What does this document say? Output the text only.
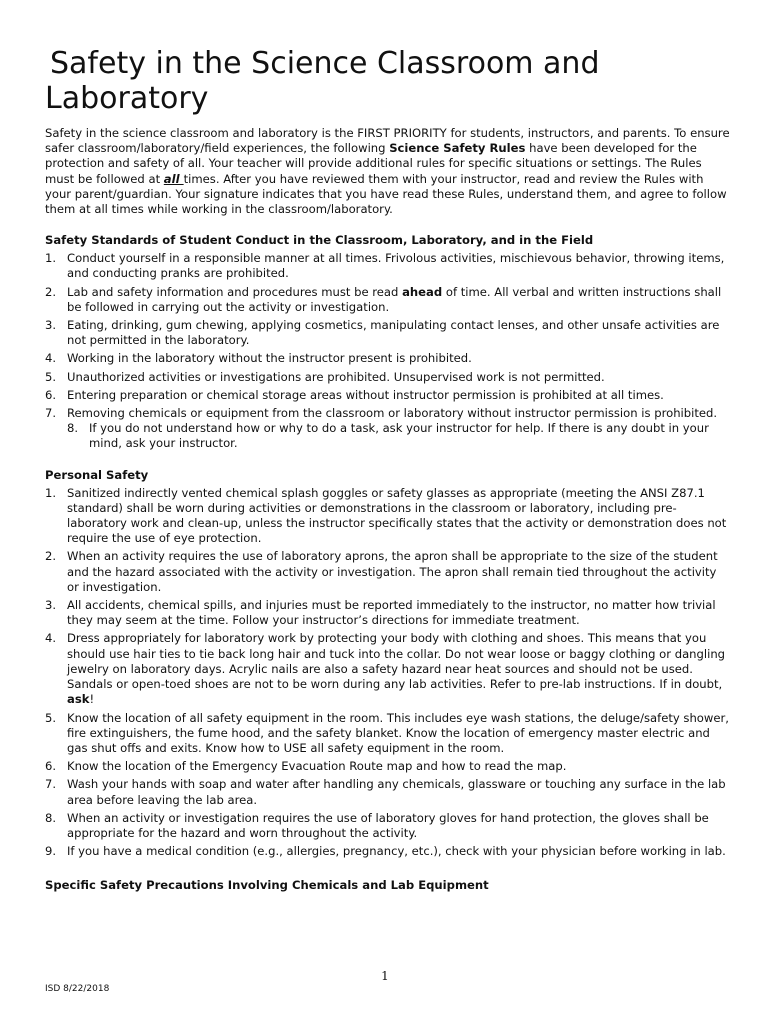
Safety in the Science Classroom and
Laboratory

Safety in the science classroom and laboratory is the FIRST PRIORITY for students, instructors, and parents. To ensure safer classroom/laboratory/field experiences, the following Science Safety Rules have been developed for the protection and safety of all. Your teacher will provide additional rules for specific situations or settings. The Rules must be followed at all times. After you have reviewed them with your instructor, read and review the Rules with your parent/guardian. Your signature indicates that you have read these Rules, understand them, and agree to follow them at all times while working in the classroom/laboratory.

Safety Standards of Student Conduct in the Classroom, Laboratory, and in the Field
1. Conduct yourself in a responsible manner at all times. Frivolous activities, mischievous behavior, throwing items, and conducting pranks are prohibited.
2. Lab and safety information and procedures must be read ahead of time. All verbal and written instructions shall be followed in carrying out the activity or investigation.
3. Eating, drinking, gum chewing, applying cosmetics, manipulating contact lenses, and other unsafe activities are not permitted in the laboratory.
4. Working in the laboratory without the instructor present is prohibited.
5. Unauthorized activities or investigations are prohibited. Unsupervised work is not permitted.
6. Entering preparation or chemical storage areas without instructor permission is prohibited at all times.
7. Removing chemicals or equipment from the classroom or laboratory without instructor permission is prohibited.
8. If you do not understand how or why to do a task, ask your instructor for help. If there is any doubt in your mind, ask your instructor.
Personal Safety
1. Sanitized indirectly vented chemical splash goggles or safety glasses as appropriate (meeting the ANSI Z87.1 standard) shall be worn during activities or demonstrations in the classroom or laboratory, including pre-laboratory work and clean-up, unless the instructor specifically states that the activity or demonstration does not require the use of eye protection.
2. When an activity requires the use of laboratory aprons, the apron shall be appropriate to the size of the student and the hazard associated with the activity or investigation. The apron shall remain tied throughout the activity or investigation.
3. All accidents, chemical spills, and injuries must be reported immediately to the instructor, no matter how trivial they may seem at the time. Follow your instructor’s directions for immediate treatment.
4. Dress appropriately for laboratory work by protecting your body with clothing and shoes. This means that you should use hair ties to tie back long hair and tuck into the collar. Do not wear loose or baggy clothing or dangling jewelry on laboratory days. Acrylic nails are also a safety hazard near heat sources and should not be used. Sandals or open-toed shoes are not to be worn during any lab activities. Refer to pre-lab instructions. If in doubt, ask!
5. Know the location of all safety equipment in the room. This includes eye wash stations, the deluge/safety shower, fire extinguishers, the fume hood, and the safety blanket. Know the location of emergency master electric and gas shut offs and exits. Know how to USE all safety equipment in the room.
6. Know the location of the Emergency Evacuation Route map and how to read the map.
7. Wash your hands with soap and water after handling any chemicals, glassware or touching any surface in the lab area before leaving the lab area.
8. When an activity or investigation requires the use of laboratory gloves for hand protection, the gloves shall be appropriate for the hazard and worn throughout the activity.
9. If you have a medical condition (e.g., allergies, pregnancy, etc.), check with your physician before working in lab.
Specific Safety Precautions Involving Chemicals and Lab Equipment
1
ISD 8/22/2018
